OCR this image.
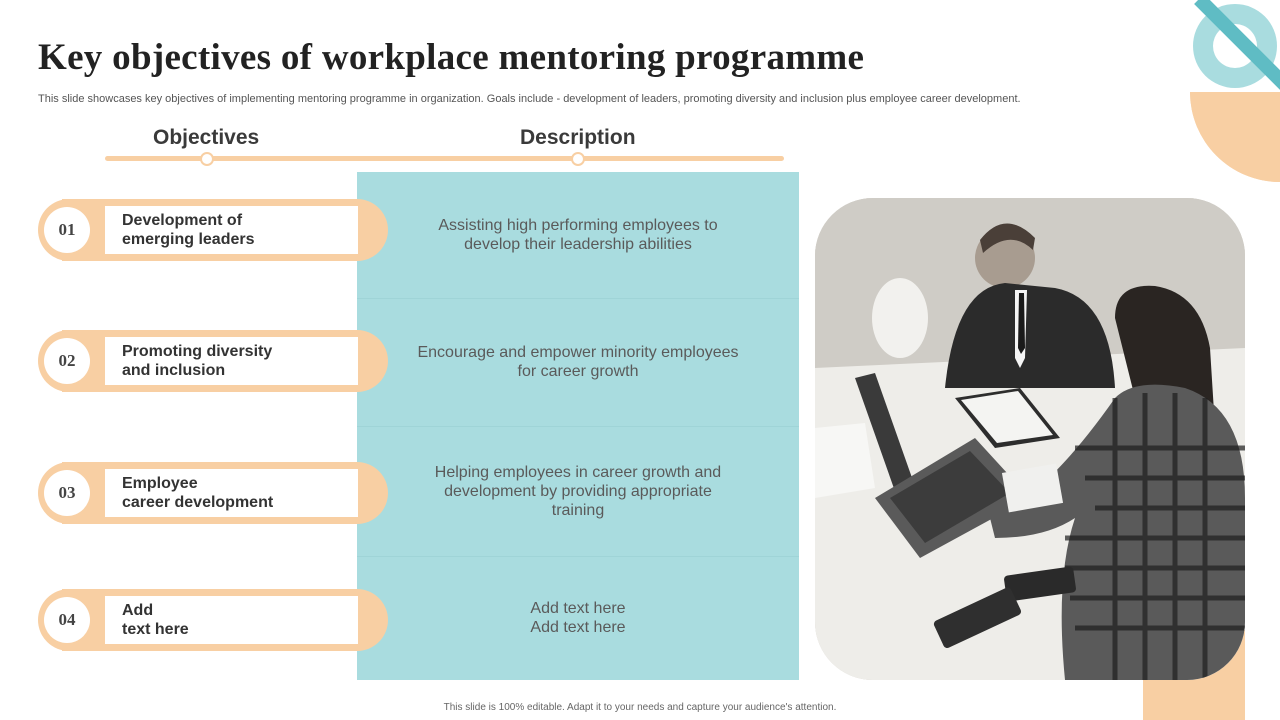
Key objectives of workplace mentoring programme
This slide showcases key objectives of implementing mentoring programme in organization. Goals include - development of leaders, promoting diversity and inclusion plus employee career development.
Objectives	Description
Assisting high performing employees to
develop their leadership abilities
Encourage and empower minority employees
for career growth
Helping employees in career growth and
development by providing appropriate
training
Add text here
Add text here
Development of
emerging leaders
01
Promoting diversity
and inclusion
02
Employee
career development
03
Add
text here
04
This slide is 100% editable. Adapt it to your needs and capture your audience's attention.
